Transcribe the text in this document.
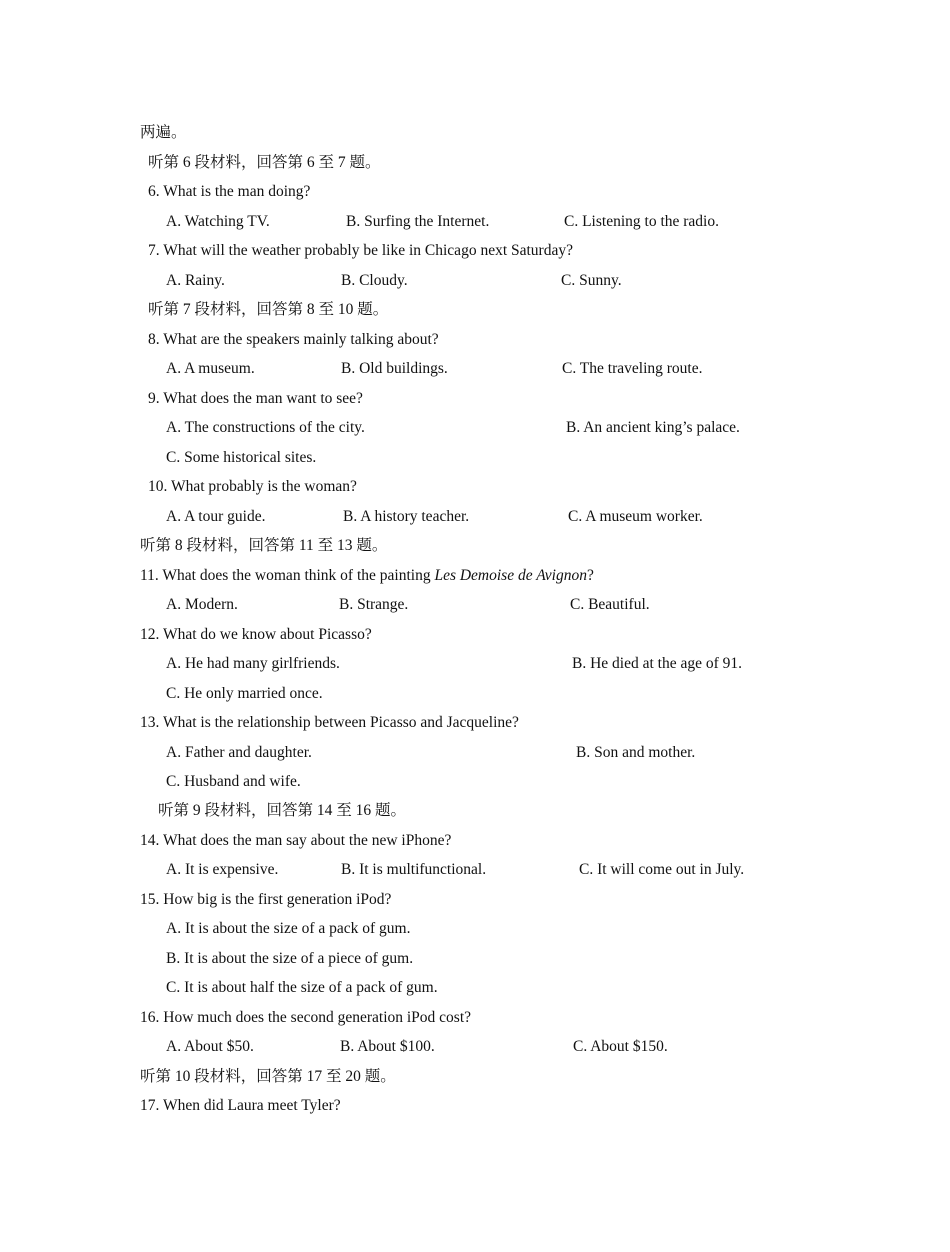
两遍。
听第 6 段材料，回答第 6 至 7 题。
6. What is the man doing?
A. Watching TV.	B. Surfing the Internet.	C. Listening to the radio.
7. What will the weather probably be like in Chicago next Saturday?
A. Rainy.	B. Cloudy.	C. Sunny.
听第 7 段材料，回答第 8 至 10 题。
8. What are the speakers mainly talking about?
A. A museum.	B. Old buildings.	C. The traveling route.
9. What does the man want to see?
A. The constructions of the city.	B. An ancient king’s palace.
C. Some historical sites.
10. What probably is the woman?
A. A tour guide.	B. A history teacher.	C. A museum worker.
听第 8 段材料，回答第 11 至 13 题。
11. What does the woman think of the painting Les Demoise de Avignon?
A. Modern.	B. Strange.	C. Beautiful.
12. What do we know about Picasso?
A. He had many girlfriends.	B. He died at the age of 91.
C. He only married once.
13. What is the relationship between Picasso and Jacqueline?
A. Father and daughter.	B. Son and mother.
C. Husband and wife.
听第 9 段材料，回答第 14 至 16 题。
14. What does the man say about the new iPhone?
A. It is expensive.	B. It is multifunctional.	C. It will come out in July.
15. How big is the first generation iPod?
A. It is about the size of a pack of gum.
B. It is about the size of a piece of gum.
C. It is about half the size of a pack of gum.
16. How much does the second generation iPod cost?
A. About $50.	B. About $100.	C. About $150.
听第 10 段材料，回答第 17 至 20 题。
17. When did Laura meet Tyler?
